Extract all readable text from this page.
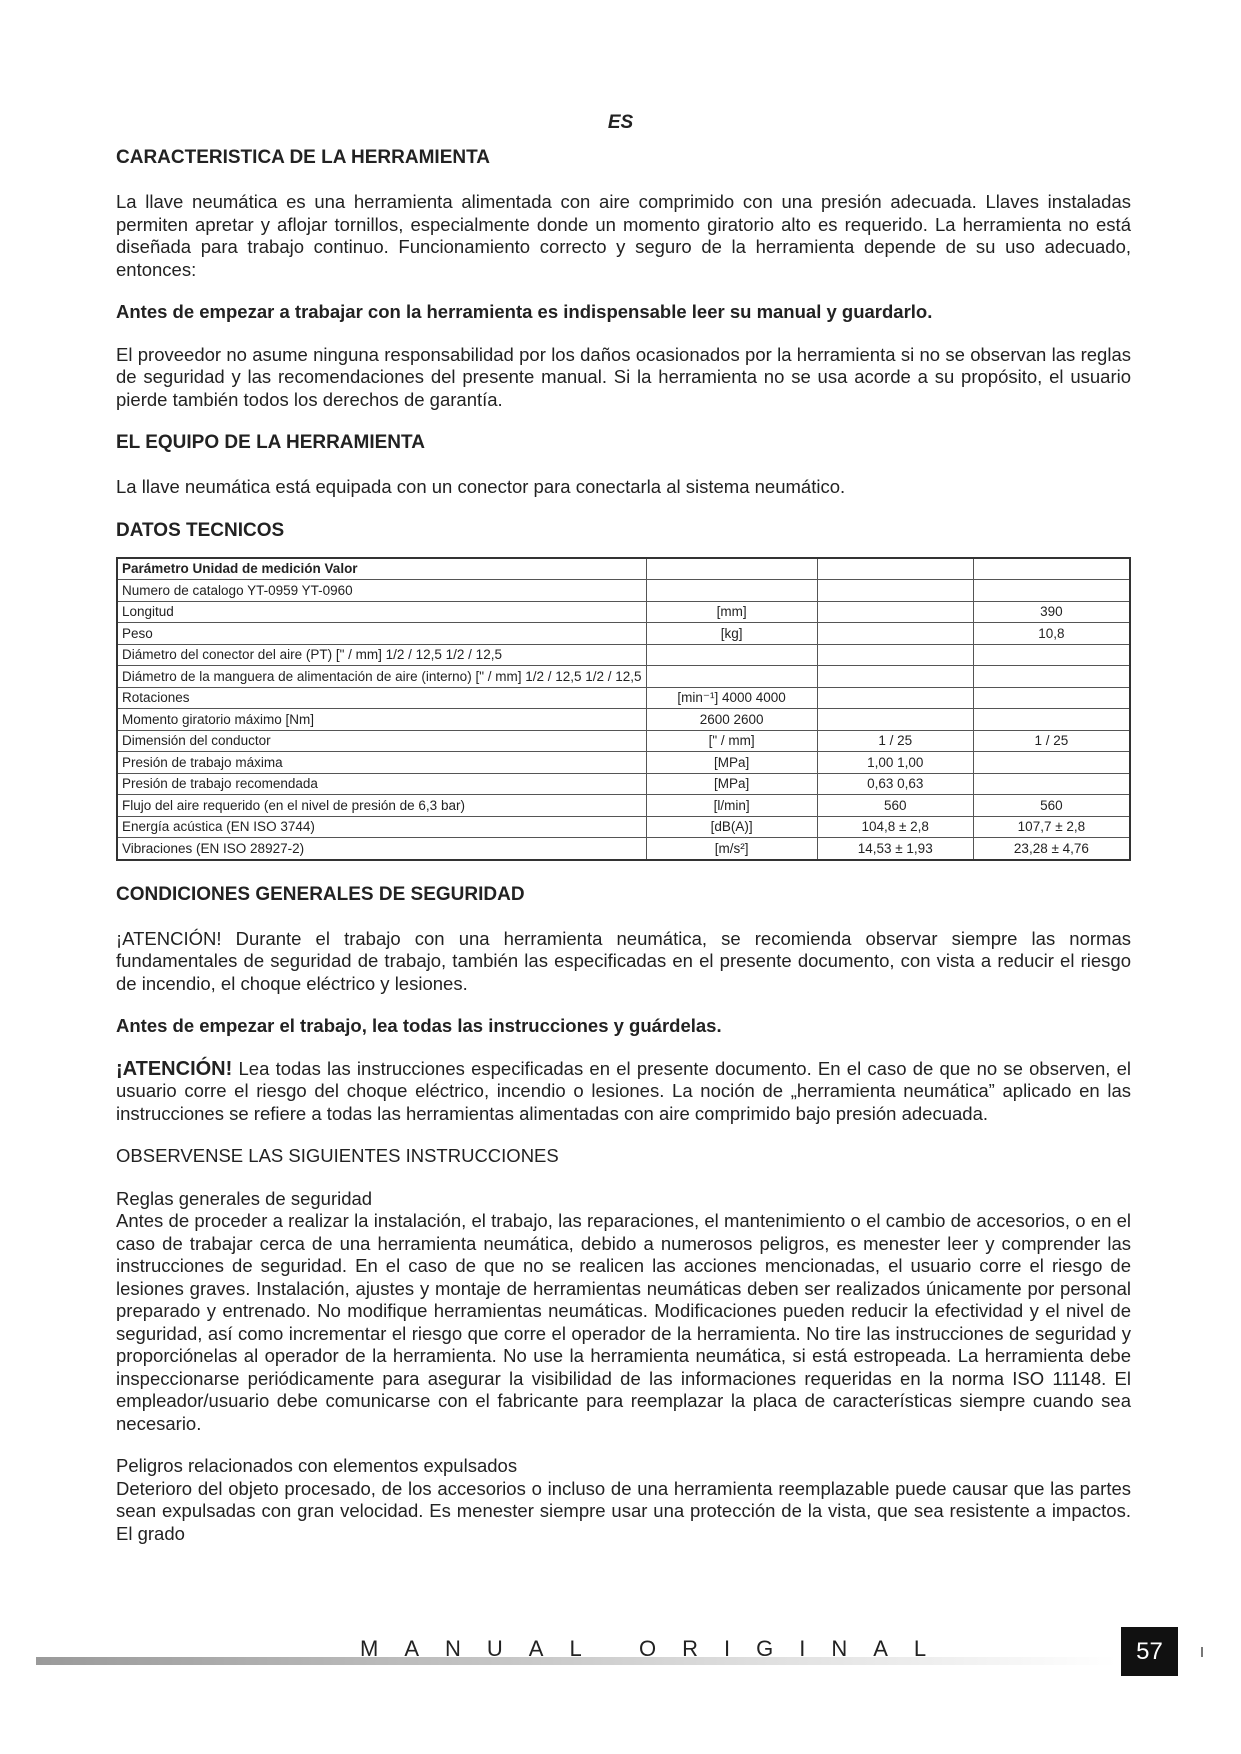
ES
CARACTERISTICA DE LA HERRAMIENTA
La llave neumática es una herramienta alimentada con aire comprimido con una presión adecuada. Llaves instaladas permiten apretar y aflojar tornillos, especialmente donde un momento giratorio alto es requerido. La herramienta no está diseñada para trabajo continuo. Funcionamiento correcto y seguro de la herramienta depende de su uso adecuado, entonces:
Antes de empezar a trabajar con la herramienta es indispensable leer su manual y guardarlo.
El proveedor no asume ninguna responsabilidad por los daños ocasionados por la herramienta si no se observan las reglas de seguridad y las recomendaciones del presente manual. Si la herramienta no se usa acorde a su propósito, el usuario pierde también todos los derechos de garantía.
EL EQUIPO DE LA HERRAMIENTA
La llave neumática está equipada con un conector para conectarla al sistema neumático.
DATOS TECNICOS
Parámetro Unidad de medición Valor			
Numero de catalogo YT-0959 YT-0960			
Longitud	[mm]		390
Peso	[kg]		10,8
Diámetro del conector del aire (PT) [" / mm] 1/2 / 12,5 1/2 / 12,5			
Diámetro de la manguera de alimentación de aire (interno) [" / mm] 1/2 / 12,5 1/2 / 12,5			
Rotaciones	[min⁻¹] 4000 4000		
Momento giratorio máximo [Nm]	2600 2600		
Dimensión del conductor	[" / mm]	1 / 25	1 / 25
Presión de trabajo máxima	[MPa]	1,00 1,00	
Presión de trabajo recomendada	[MPa]	0,63 0,63	
Flujo del aire requerido (en el nivel de presión de 6,3 bar)	[l/min]	560	560
Energía acústica (EN ISO 3744)	[dB(A)]	104,8 ± 2,8	107,7 ± 2,8
Vibraciones (EN ISO 28927-2)	[m/s²]	14,53 ± 1,93	23,28 ± 4,76
CONDICIONES GENERALES DE SEGURIDAD
¡ATENCIÓN! Durante el trabajo con una herramienta neumática, se recomienda observar siempre las normas fundamentales de seguridad de trabajo, también las especificadas en el presente documento, con vista a reducir el riesgo de incendio, el choque eléctrico y lesiones.
Antes de empezar el trabajo, lea todas las instrucciones y guárdelas.
¡ATENCIÓN! Lea todas las instrucciones especificadas en el presente documento. En el caso de que no se observen, el usuario corre el riesgo del choque eléctrico, incendio o lesiones. La noción de „herramienta neumática” aplicado en las instrucciones se refiere a todas las herramientas alimentadas con aire comprimido bajo presión adecuada.
OBSERVENSE LAS SIGUIENTES INSTRUCCIONES
Reglas generales de seguridad
Antes de proceder a realizar la instalación, el trabajo, las reparaciones, el mantenimiento o el cambio de accesorios, o en el caso de trabajar cerca de una herramienta neumática, debido a numerosos peligros, es menester leer y comprender las instrucciones de seguridad. En el caso de que no se realicen las acciones mencionadas, el usuario corre el riesgo de lesiones graves. Instalación, ajustes y montaje de herramientas neumáticas deben ser realizados únicamente por personal preparado y entrenado. No modifique herramientas neumáticas. Modificaciones pueden reducir la efectividad y el nivel de seguridad, así como incrementar el riesgo que corre el operador de la herramienta. No tire las instrucciones de seguridad y proporciónelas al operador de la herramienta. No use la herramienta neumática, si está estropeada. La herramienta debe inspeccionarse periódicamente para asegurar la visibilidad de las informaciones requeridas en la norma ISO 11148. El empleador/usuario debe comunicarse con el fabricante para reemplazar la placa de características siempre cuando sea necesario.
Peligros relacionados con elementos expulsados
Deterioro del objeto procesado, de los accesorios o incluso de una herramienta reemplazable puede causar que las partes sean expulsadas con gran velocidad. Es menester siempre usar una protección de la vista, que sea resistente a impactos. El grado
MANUAL ORIGINAL	57
